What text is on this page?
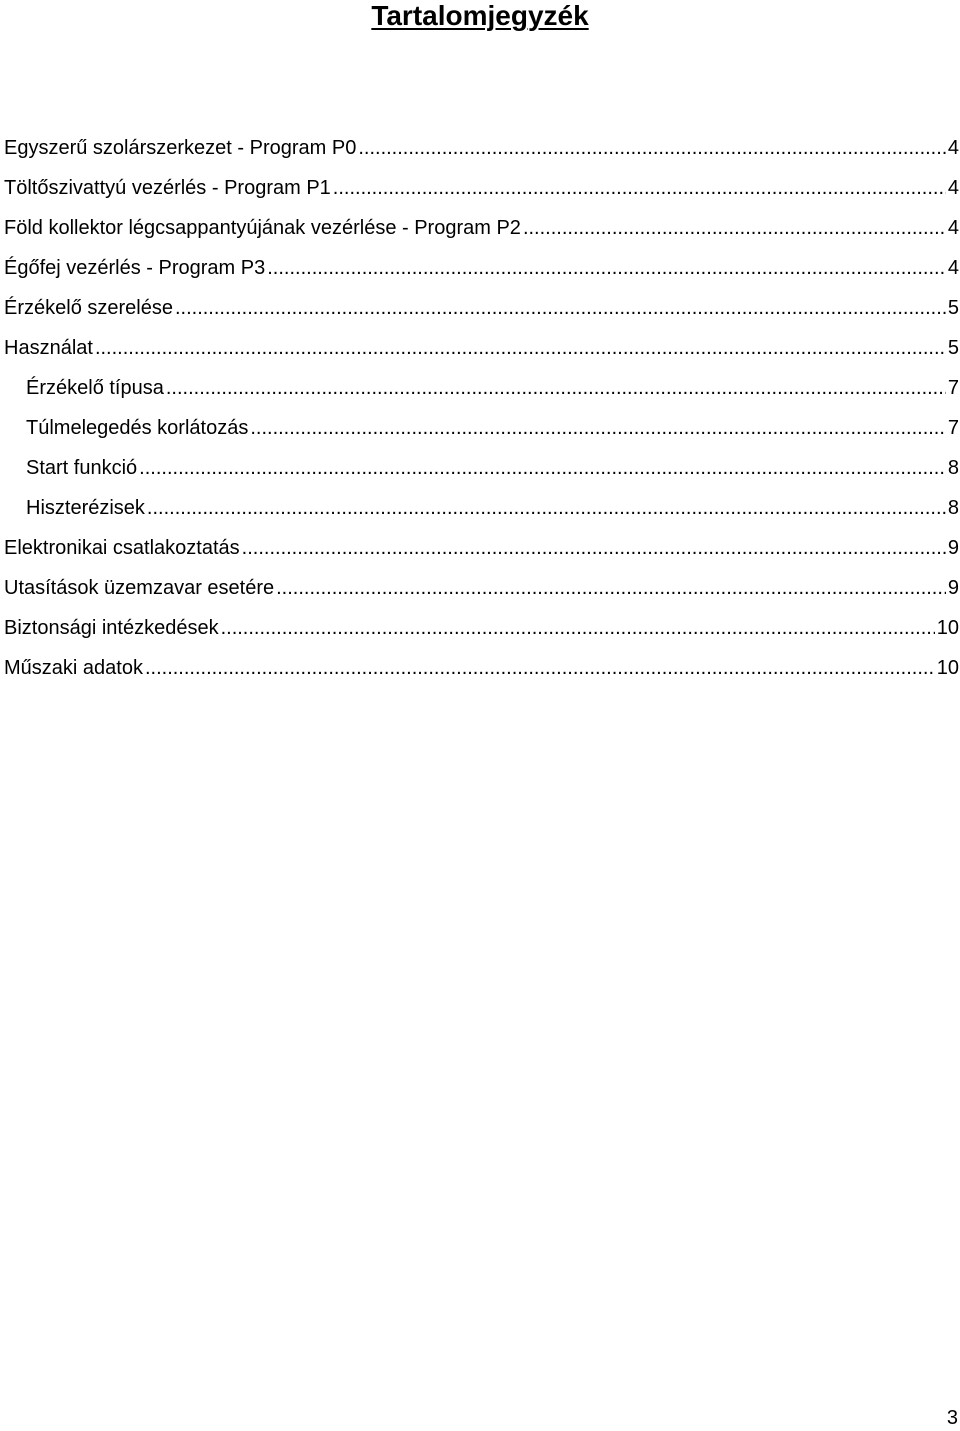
Tartalomjegyzék
Egyszerű szolárszerkezet - Program P0 .....	4
Töltőszivattyú vezérlés - Program P1 .....	4
Föld kollektor légcsappantyújának vezérlése - Program P2 .....	4
Égőfej vezérlés - Program P3 .....	4
Érzékelő szerelése .....	5
Használat .....	5
Érzékelő típusa .....	7
Túlmelegedés korlátozás .....	7
Start funkció .....	8
Hiszterézisek .....	8
Elektronikai csatlakoztatás .....	9
Utasítások üzemzavar esetére .....	9
Biztonsági intézkedések .....	10
Műszaki adatok .....	10
3
